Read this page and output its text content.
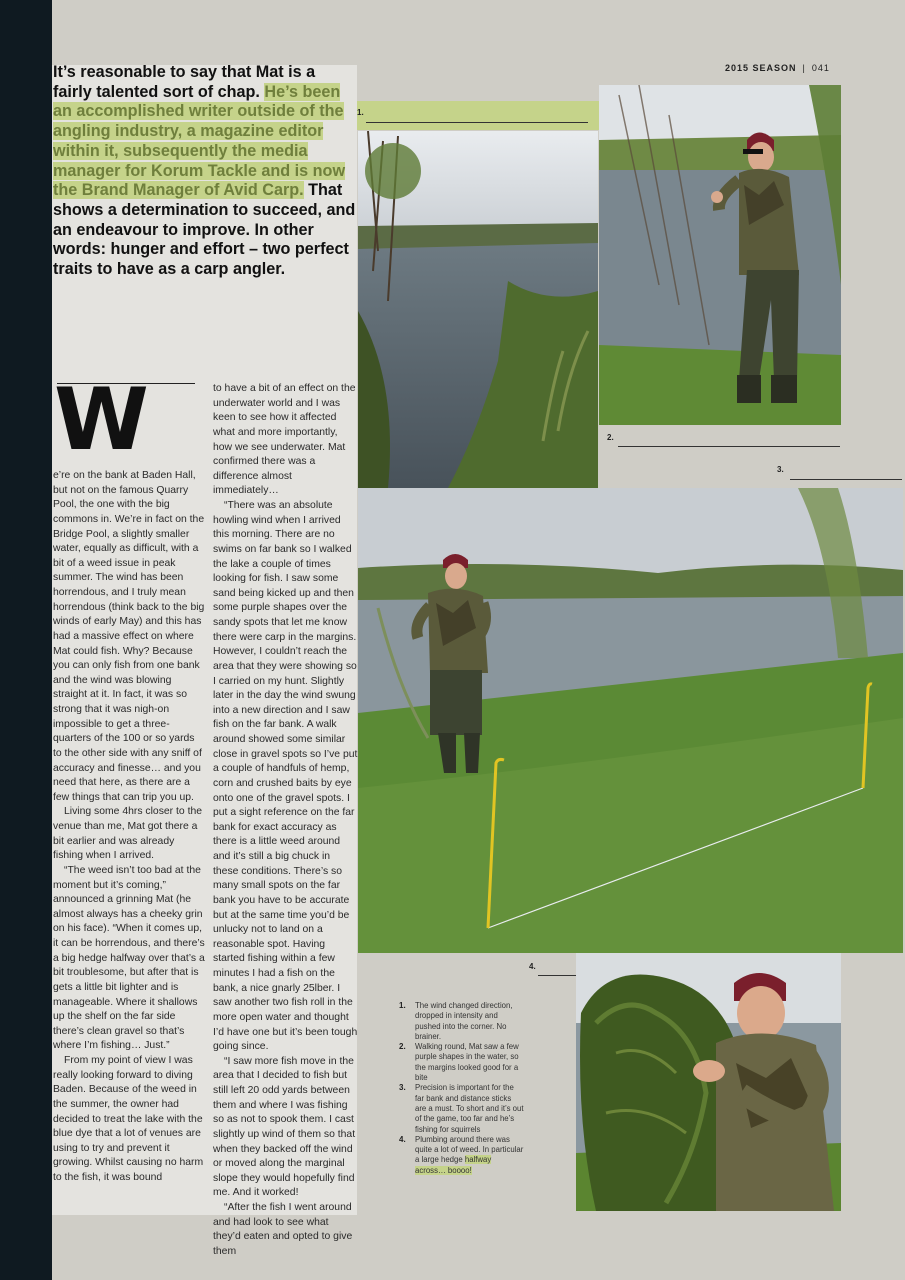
2015 SEASON | 041
It’s reasonable to say that Mat is a fairly talented sort of chap. He’s been an accomplished writer outside of the angling industry, a magazine editor within it, subsequently the media manager for Korum Tackle and is now the Brand Manager of Avid Carp. That shows a determination to succeed, and an endeavour to improve. In other words: hunger and effort – two perfect traits to have as a carp angler.
W

e’re on the bank at Baden Hall, but not on the famous Quarry Pool, the one with the big commons in. We’re in fact on the Bridge Pool, a slightly smaller water, equally as difficult, with a bit of a weed issue in peak summer. The wind has been horrendous, and I truly mean horrendous (think back to the big winds of early May) and this has had a massive effect on where Mat could fish. Why? Because you can only fish from one bank and the wind was blowing straight at it. In fact, it was so strong that it was nigh-on impossible to get a three-quarters of the 100 or so yards to the other side with any sniff of accuracy and finesse… and you need that here, as there are a few things that can trip you up.

Living some 4hrs closer to the venue than me, Mat got there a bit earlier and was already fishing when I arrived.

“The weed isn’t too bad at the moment but it’s coming,” announced a grinning Mat (he almost always has a cheeky grin on his face). “When it comes up, it can be horrendous, and there’s a big hedge halfway over that’s a bit troublesome, but after that is gets a little bit lighter and is manageable. Where it shallows up the shelf on the far side there’s clean gravel so that’s where I’m fishing… Just.”

From my point of view I was really looking forward to diving Baden. Because of the weed in the summer, the owner had decided to treat the lake with the blue dye that a lot of venues are using to try and prevent it growing. Whilst causing no harm to the fish, it was bound

to have a bit of an effect on the underwater world and I was keen to see how it affected what and more importantly, how we see underwater. Mat confirmed there was a difference almost immediately…

“There was an absolute howling wind when I arrived this morning. There are no swims on far bank so I walked the lake a couple of times looking for fish. I saw some sand being kicked up and then some purple shapes over the sandy spots that let me know there were carp in the margins. However, I couldn’t reach the area that they were showing so I carried on my hunt. Slightly later in the day the wind swung into a new direction and I saw fish on the far bank. A walk around showed some similar close in gravel spots so I’ve put a couple of handfuls of hemp, corn and crushed baits by eye onto one of the gravel spots. I put a sight reference on the far bank for exact accuracy as there is a little weed around and it’s still a big chuck in these conditions. There’s so many small spots on the far bank you have to be accurate but at the same time you’d be unlucky not to land on a reasonable spot. Having started fishing within a few minutes I had a fish on the bank, a nice gnarly 25lber. I saw another two fish roll in the more open water and thought I’d have one but it’s been tough going since.

“I saw more fish move in the area that I decided to fish but still left 20 odd yards between them and where I was fishing so as not to spook them. I cast slightly up wind of them so that when they backed off the wind or moved along the marginal slope they would hopefully find me. And it worked!

“After the fish I went around and had look to see what they’d eaten and opted to give them

1.
2.
3.
4.
1. The wind changed direction, dropped in intensity and pushed into the corner. No brainer.
2. Walking round, Mat saw a few purple shapes in the water, so the margins looked good for a bite
3. Precision is important for the far bank and distance sticks are a must. To short and it’s out of the game, too far and he’s fishing for squirrels
4. Plumbing around there was quite a lot of weed. In particular a large hedge halfway across… boooo!
